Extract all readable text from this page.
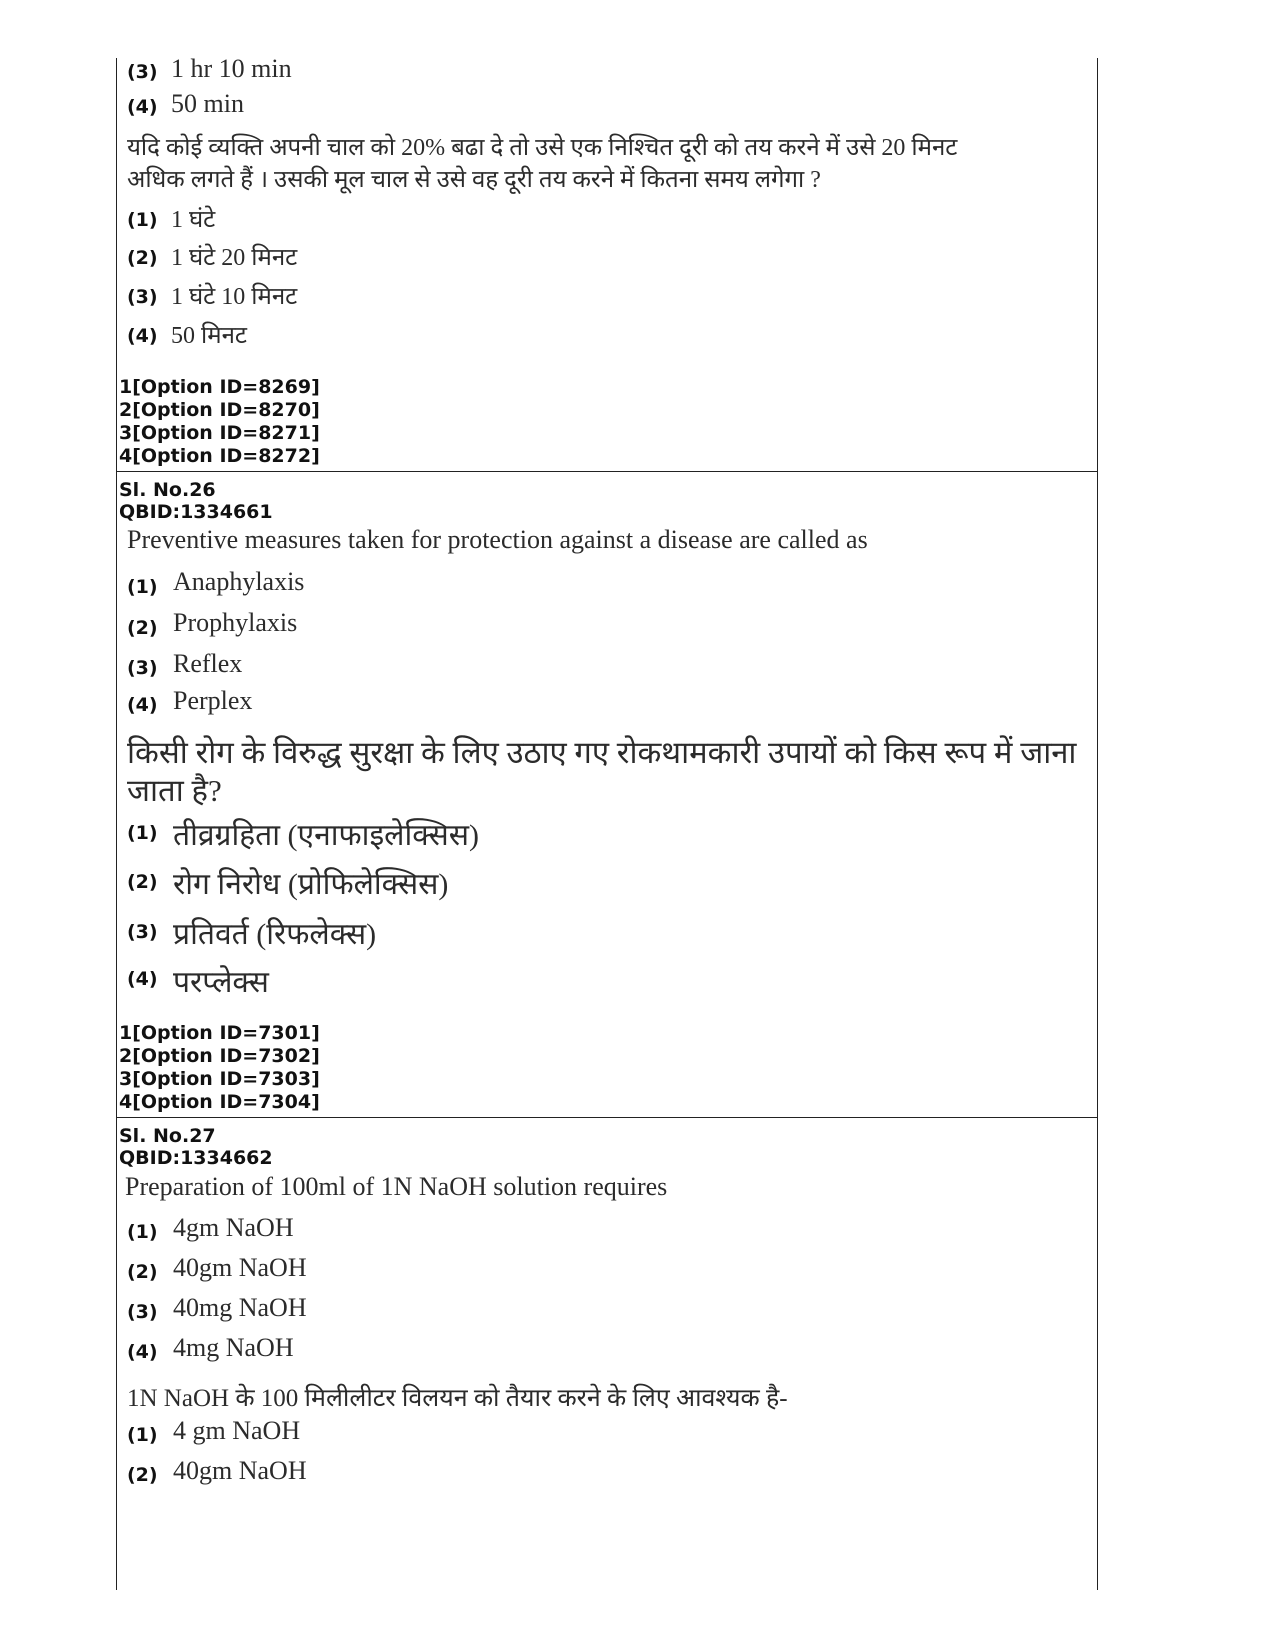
(3) 1 hr 10 min
(4) 50 min
यदि कोई व्यक्ति अपनी चाल को 20% बढा दे तो उसे एक निश्चित दूरी को तय करने में उसे 20 मिनट
अधिक लगते हैं । उसकी मूल चाल से उसे वह दूरी तय करने में कितना समय लगेगा ?
(1) 1 घंटे
(2) 1 घंटे 20 मिनट
(3) 1 घंटे 10 मिनट
(4) 50 मिनट
1[Option ID=8269]
2[Option ID=8270]
3[Option ID=8271]
4[Option ID=8272]
Sl. No.26
QBID:1334661
Preventive measures taken for protection against a disease are called as
(1) Anaphylaxis
(2) Prophylaxis
(3) Reflex
(4) Perplex
किसी रोग के विरुद्ध सुरक्षा के लिए उठाए गए रोकथामकारी उपायों को किस रूप में जाना
जाता है?
(1) तीव्रग्रहिता (एनाफाइलेक्सिस)
(2) रोग निरोध (प्रोफिलेक्सिस)
(3) प्रतिवर्त (रिफलेक्स)
(4) परप्लेक्स
1[Option ID=7301]
2[Option ID=7302]
3[Option ID=7303]
4[Option ID=7304]
Sl. No.27
QBID:1334662
Preparation of 100ml of 1N NaOH solution requires
(1) 4gm NaOH
(2) 40gm NaOH
(3) 40mg NaOH
(4) 4mg NaOH
1N NaOH के 100 मिलीलीटर विलयन को तैयार करने के लिए आवश्यक है-
(1) 4 gm NaOH
(2) 40gm NaOH
